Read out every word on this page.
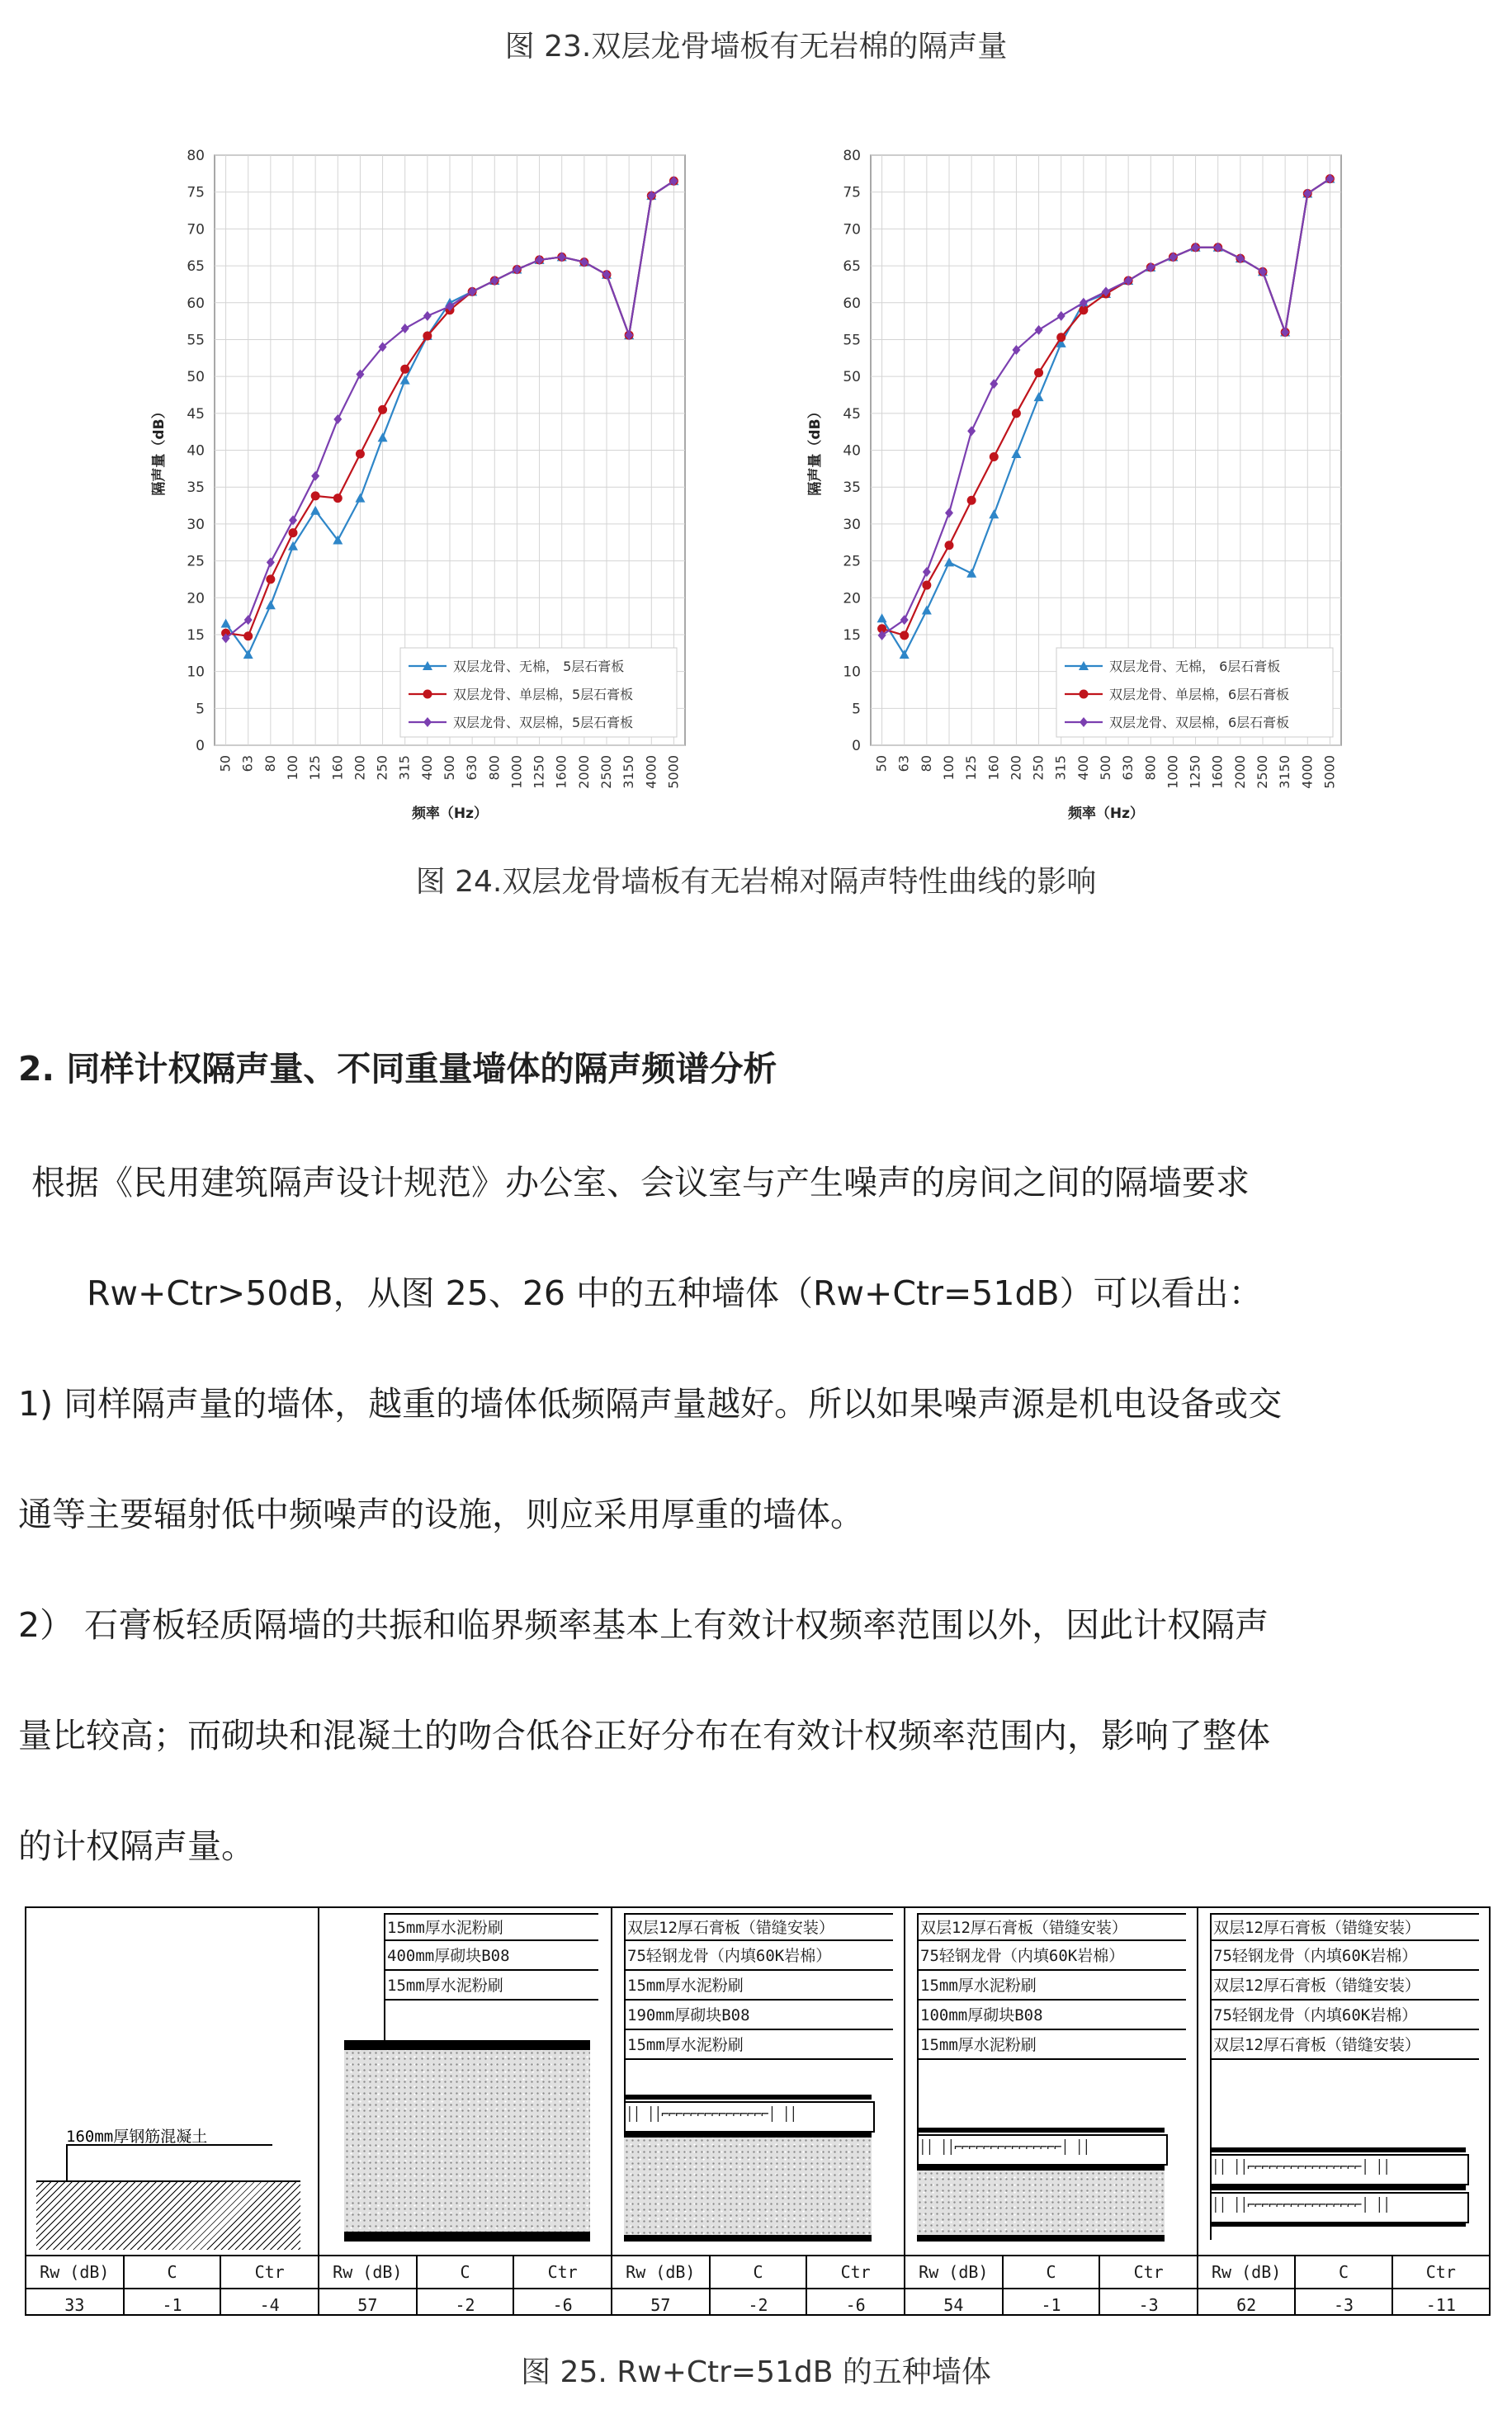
图 23.双层龙骨墙板有无岩棉的隔声量
0
5
10
15
20
25
30
35
40
45
50
55
60
65
70
75
80
50 63 80 100 125 160 200 250 315 400 500 630 800 1000 1250 1600 2000 2500 3150 4000 5000
隔声量（dB）
频率（Hz）
双层龙骨、无棉， 5层石膏板
双层龙骨、单层棉，5层石膏板
双层龙骨、双层棉，5层石膏板
0
5
10
15
20
25
30
35
40
45
50
55
60
65
70
75
80
50 63 80 100 125 160 200 250 315 400 500 630 800 1000 1250 1600 2000 2500 3150 4000 5000
隔声量（dB）
频率（Hz）
双层龙骨、无棉， 6层石膏板
双层龙骨、单层棉，6层石膏板
双层龙骨、双层棉，6层石膏板
图 24.双层龙骨墙板有无岩棉对隔声特性曲线的影响
2. 同样计权隔声量、不同重量墙体的隔声频谱分析
根据《民用建筑隔声设计规范》办公室、会议室与产生噪声的房间之间的隔墙要求
Rw+Ctr>50dB，从图 25、26 中的五种墙体（Rw+Ctr=51dB）可以看出：
1) 同样隔声量的墙体，越重的墙体低频隔声量越好。所以如果噪声源是机电设备或交
通等主要辐射低中频噪声的设施，则应采用厚重的墙体。
2） 石膏板轻质隔墙的共振和临界频率基本上有效计权频率范围以外，因此计权隔声
量比较高；而砌块和混凝土的吻合低谷正好分布在有效计权频率范围内，影响了整体
的计权隔声量。
160mm厚钢筋混凝土
Rw (dB)	C	Ctr
33	-1	-4
15mm厚水泥粉刷
400mm厚砌块B08
15mm厚水泥粉刷
Rw (dB)	C	Ctr
57	-2	-6
双层12厚石膏板（错缝安装）
75轻钢龙骨（内填60K岩棉）
15mm厚水泥粉刷
190mm厚砌块B08
15mm厚水泥粉刷
││ ││⌐⌐⌐⌐⌐⌐⌐⌐⌐⌐⌐⌐⌐⌐⌐│ ││
Rw (dB)	C	Ctr
57	-2	-6
双层12厚石膏板（错缝安装）
75轻钢龙骨（内填60K岩棉）
15mm厚水泥粉刷
100mm厚砌块B08
15mm厚水泥粉刷
││ ││⌐⌐⌐⌐⌐⌐⌐⌐⌐⌐⌐⌐⌐⌐⌐│ ││
Rw (dB)	C	Ctr
54	-1	-3
双层12厚石膏板（错缝安装）
75轻钢龙骨（内填60K岩棉）
双层12厚石膏板（错缝安装）
75轻钢龙骨（内填60K岩棉）
双层12厚石膏板（错缝安装）
││ ││⌐⌐⌐⌐⌐⌐⌐⌐⌐⌐⌐⌐⌐⌐⌐⌐│ ││
││ ││⌐⌐⌐⌐⌐⌐⌐⌐⌐⌐⌐⌐⌐⌐⌐⌐│ ││
Rw (dB)	C	Ctr
62	-3	-11
图 25. Rw+Ctr=51dB 的五种墙体
